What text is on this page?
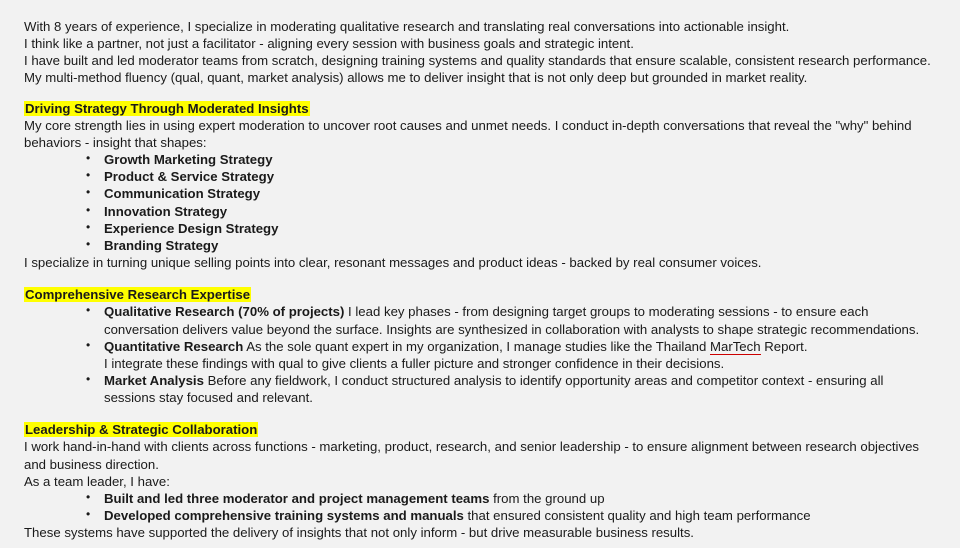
With 8 years of experience, I specialize in moderating qualitative research and translating real conversations into actionable insight.
I think like a partner, not just a facilitator - aligning every session with business goals and strategic intent.
I have built and led moderator teams from scratch, designing training systems and quality standards that ensure scalable, consistent research performance. My multi-method fluency (qual, quant, market analysis) allows me to deliver insight that is not only deep but grounded in market reality.
Driving Strategy Through Moderated Insights
My core strength lies in using expert moderation to uncover root causes and unmet needs. I conduct in-depth conversations that reveal the "why" behind behaviors - insight that shapes:
• Growth Marketing Strategy
• Product & Service Strategy
• Communication Strategy
• Innovation Strategy
• Experience Design Strategy
• Branding Strategy
I specialize in turning unique selling points into clear, resonant messages and product ideas - backed by real consumer voices.
Comprehensive Research Expertise
• Qualitative Research (70% of projects) I lead key phases - from designing target groups to moderating sessions - to ensure each conversation delivers value beyond the surface. Insights are synthesized in collaboration with analysts to shape strategic recommendations.
• Quantitative Research As the sole quant expert in my organization, I manage studies like the Thailand MarTech Report.
I integrate these findings with qual to give clients a fuller picture and stronger confidence in their decisions.
• Market Analysis Before any fieldwork, I conduct structured analysis to identify opportunity areas and competitor context - ensuring all sessions stay focused and relevant.
Leadership & Strategic Collaboration
I work hand-in-hand with clients across functions - marketing, product, research, and senior leadership - to ensure alignment between research objectives and business direction.
As a team leader, I have:
• Built and led three moderator and project management teams from the ground up
• Developed comprehensive training systems and manuals that ensured consistent quality and high team performance
These systems have supported the delivery of insights that not only inform - but drive measurable business results.
